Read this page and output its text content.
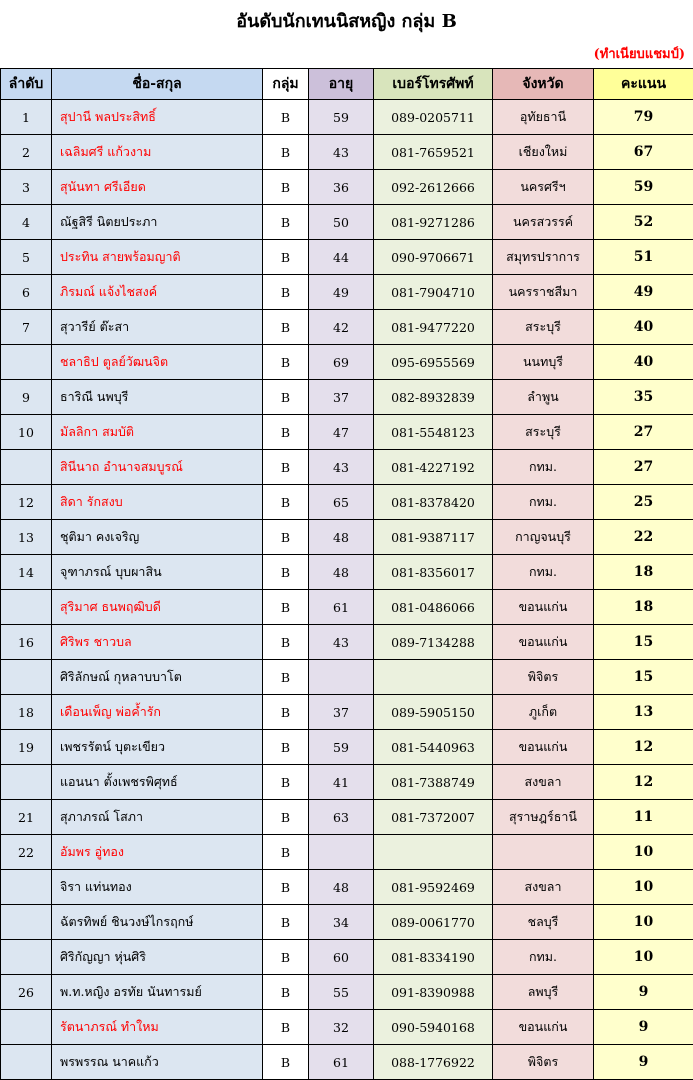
อันดับนักเทนนิสหญิง กลุ่ม B
(ทำเนียบแชมป์)
ลำดับ	ชื่อ-สกุล	กลุ่ม	อายุ	เบอร์โทรศัพท์	จังหวัด	คะแนน
1	สุปานี พลประสิทธิ์	B	59	089-0205711	อุทัยธานี	79
2	เฉลิมศรี แก้วงาม	B	43	081-7659521	เชียงใหม่	67
3	สุนันทา ศรีเอียด	B	36	092-2612666	นครศรีฯ	59
4	ณัฐสิรี นิตยประภา	B	50	081-9271286	นครสวรรค์	52
5	ประทิน สายพร้อมญาติ	B	44	090-9706671	สมุทรปราการ	51
6	ภิรมณ์ แจ้งไชสงค์	B	49	081-7904710	นครราชสีมา	49
7	สุวารีย์ ต๊ะสา	B	42	081-9477220	สระบุรี	40
	ชลาธิป ตูลย์วัฒนจิต	B	69	095-6955569	นนทบุรี	40
9	ธาริณี นพบุรี	B	37	082-8932839	ลำพูน	35
10	มัลลิกา สมบัติ	B	47	081-5548123	สระบุรี	27
	สินีนาถ อำนาจสมบูรณ์	B	43	081-4227192	กทม.	27
12	สิดา รักสงบ	B	65	081-8378420	กทม.	25
13	ชุติมา คงเจริญ	B	48	081-9387117	กาญจนบุรี	22
14	จุฑาภรณ์ บุบผาสิน	B	48	081-8356017	กทม.	18
	สุริมาศ ธนพฤฒิบดี	B	61	081-0486066	ขอนแก่น	18
16	ศิริพร ชาวบล	B	43	089-7134288	ขอนแก่น	15
	ศิริลักษณ์ กุหลาบบาโต	B			พิจิตร	15
18	เดือนเพ็ญ พ่อค้ำรัก	B	37	089-5905150	ภูเก็ต	13
19	เพชรรัตน์ บุตะเขียว	B	59	081-5440963	ขอนแก่น	12
	แอนนา ตั้งเพชรพิศุทธ์	B	41	081-7388749	สงขลา	12
21	สุภาภรณ์ โสภา	B	63	081-7372007	สุราษฎร์ธานี	11
22	อัมพร อู่ทอง	B				10
	จิรา แท่นทอง	B	48	081-9592469	สงขลา	10
	ฉัตรทิพย์ ชินวงษ์ไกรฤกษ์	B	34	089-0061770	ชลบุรี	10
	ศิริกัญญา หุ่นศิริ	B	60	081-8334190	กทม.	10
26	พ.ท.หญิง อรทัย นันทารมย์	B	55	091-8390988	ลพบุรี	9
	รัตนาภรณ์ ทำใหม	B	32	090-5940168	ขอนแก่น	9
	พรพรรณ นาคแก้ว	B	61	088-1776922	พิจิตร	9
